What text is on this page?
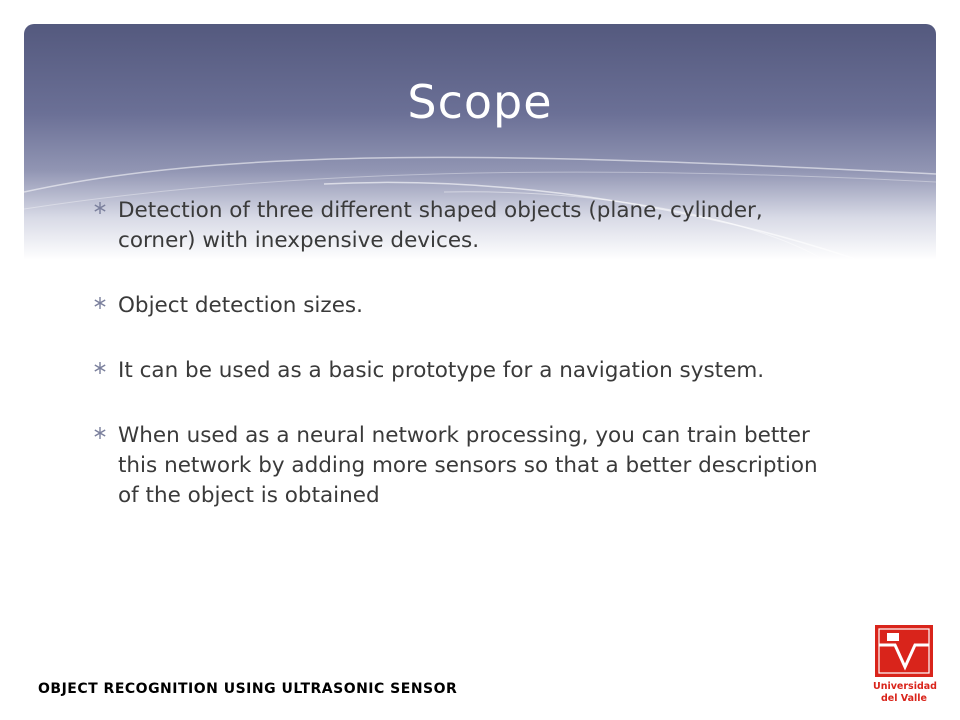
Scope
Detection of three different shaped objects (plane, cylinder, corner) with inexpensive devices.
Object detection sizes.
It can be used as a basic prototype for a navigation system.
When used as a neural network processing, you can train better this network by adding more sensors so that a better description of the object is obtained
OBJECT RECOGNITION USING ULTRASONIC SENSOR	Universidad
del Valle
